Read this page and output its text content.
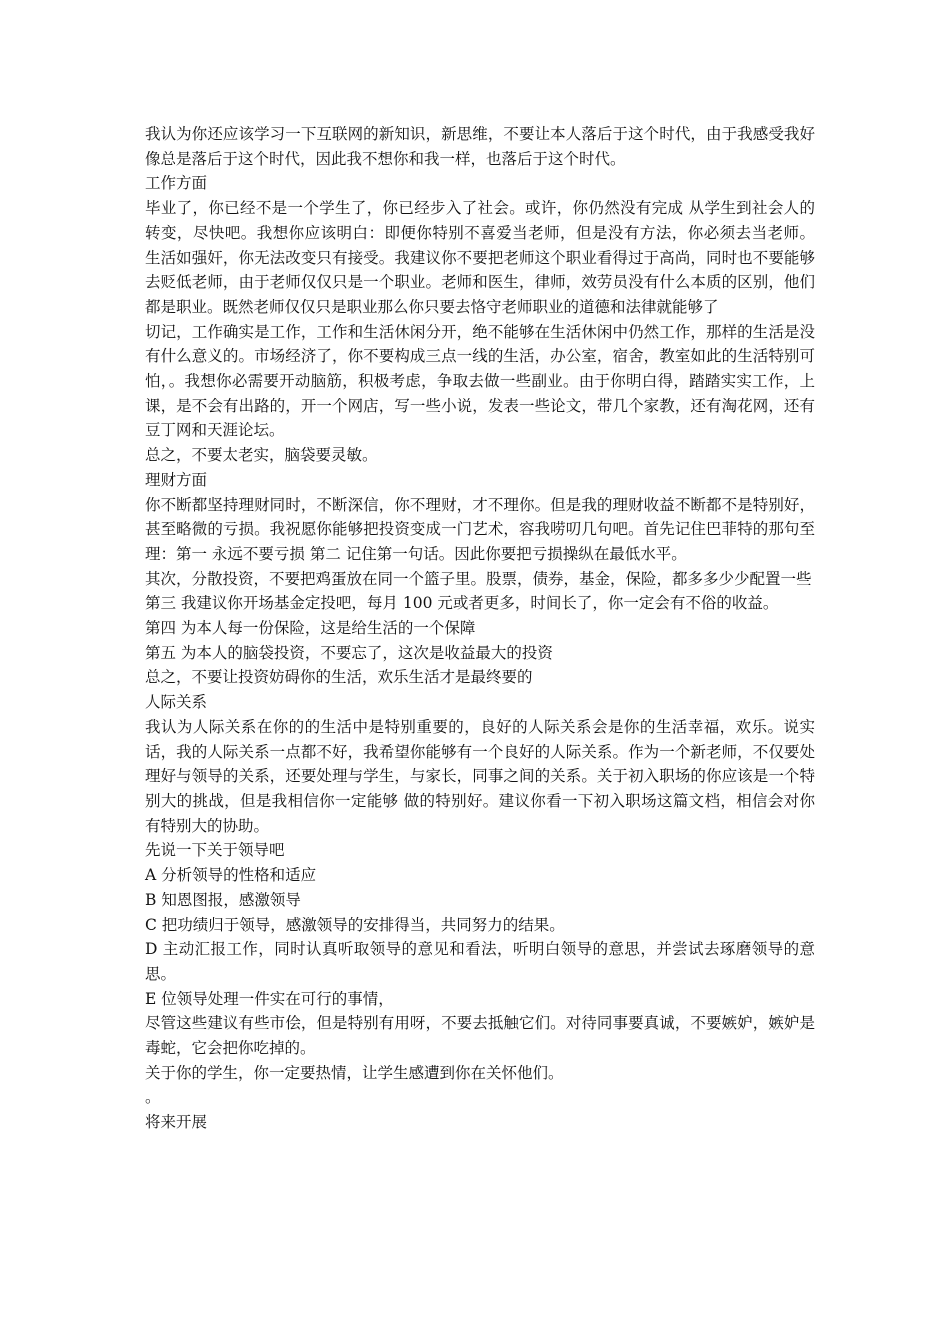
我认为你还应该学习一下互联网的新知识，新思维，不要让本人落后于这个时代，由于我感受我好像总是落后于这个时代，因此我不想你和我一样，也落后于这个时代。

工作方面

毕业了，你已经不是一个学生了，你已经步入了社会。或许，你仍然没有完成 从学生到社会人的转变，尽快吧。我想你应该明白：即便你特别不喜爱当老师，但是没有方法，你必须去当老师。 生活如强奸，你无法改变只有接受。我建议你不要把老师这个职业看得过于高尚，同时也不要能够去贬低老师，由于老师仅仅只是一个职业。老师和医生，律师，效劳员没有什么本质的区别，他们都是职业。既然老师仅仅只是职业那么你只要去恪守老师职业的道德和法律就能够了

切记，工作确实是工作，工作和生活休闲分开，绝不能够在生活休闲中仍然工作，那样的生活是没有什么意义的。市场经济了，你不要构成三点一线的生活，办公室，宿舍，教室如此的生活特别可怕，。我想你必需要开动脑筋，积极考虑，争取去做一些副业。由于你明白得，踏踏实实工作，上课，是不会有出路的，开一个网店，写一些小说，发表一些论文，带几个家教，还有淘花网，还有豆丁网和天涯论坛。

总之，不要太老实，脑袋要灵敏。

理财方面

你不断都坚持理财同时，不断深信，你不理财，才不理你。但是我的理财收益不断都不是特别好，甚至略微的亏损。我祝愿你能够把投资变成一门艺术，容我唠叨几句吧。首先记住巴菲特的那句至理：第一 永远不要亏损 第二 记住第一句话。因此你要把亏损操纵在最低水平。

其次，分散投资，不要把鸡蛋放在同一个篮子里。股票，债券，基金，保险，都多多少少配置一些

第三 我建议你开场基金定投吧，每月 100 元或者更多，时间长了，你一定会有不俗的收益。

第四 为本人每一份保险，这是给生活的一个保障

第五 为本人的脑袋投资，不要忘了，这次是收益最大的投资

总之，不要让投资妨碍你的生活，欢乐生活才是最终要的

人际关系

我认为人际关系在你的的生活中是特别重要的，良好的人际关系会是你的生活幸福，欢乐。说实话，我的人际关系一点都不好，我希望你能够有一个良好的人际关系。作为一个新老师，不仅要处理好与领导的关系，还要处理与学生，与家长，同事之间的关系。关于初入职场的你应该是一个特别大的挑战，但是我相信你一定能够 做的特别好。建议你看一下初入职场这篇文档，相信会对你有特别大的协助。

先说一下关于领导吧

A 分析领导的性格和适应

B 知恩图报，感激领导

C 把功绩归于领导，感激领导的安排得当，共同努力的结果。

D 主动汇报工作，同时认真听取领导的意见和看法，听明白领导的意思，并尝试去琢磨领导的意思。

E 位领导处理一件实在可行的事情，

尽管这些建议有些市侩，但是特别有用呀，不要去抵触它们。对待同事要真诚，不要嫉妒，嫉妒是毒蛇，它会把你吃掉的。

关于你的学生，你一定要热情，让学生感遭到你在关怀他们。

。

将来开展
